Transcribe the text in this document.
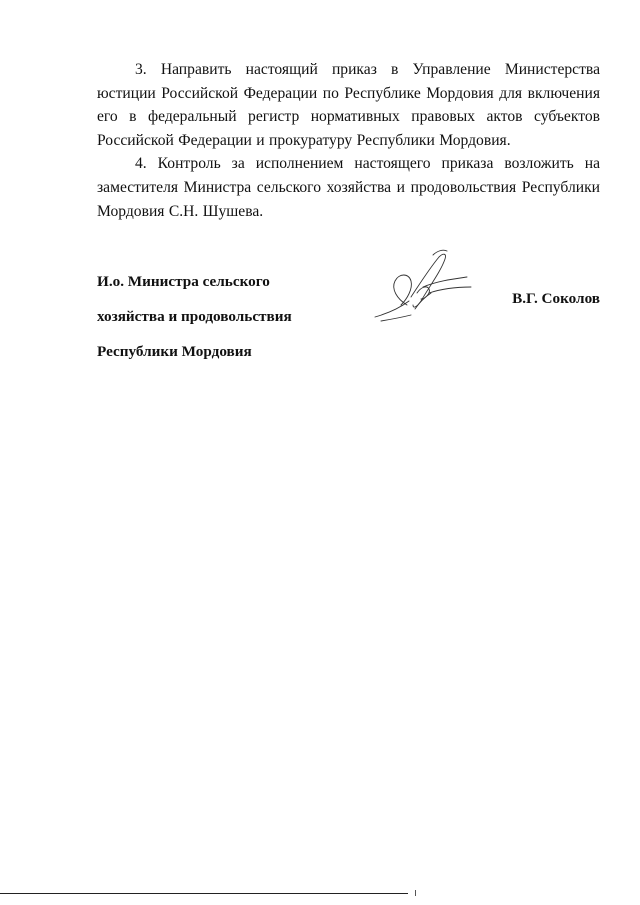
3. Направить настоящий приказ в Управление Министерства юстиции Российской Федерации по Республике Мордовия для включения его в федеральный регистр нормативных правовых актов субъектов Российской Федерации и прокуратуру Республики Мордовия.

4. Контроль за исполнением настоящего приказа возложить на заместителя Министра сельского хозяйства и продовольствия Республики Мордовия С.Н. Шушева.

И.о. Министра сельского

хозяйства и продовольствия

Республики Мордовия

В.Г. Соколов
